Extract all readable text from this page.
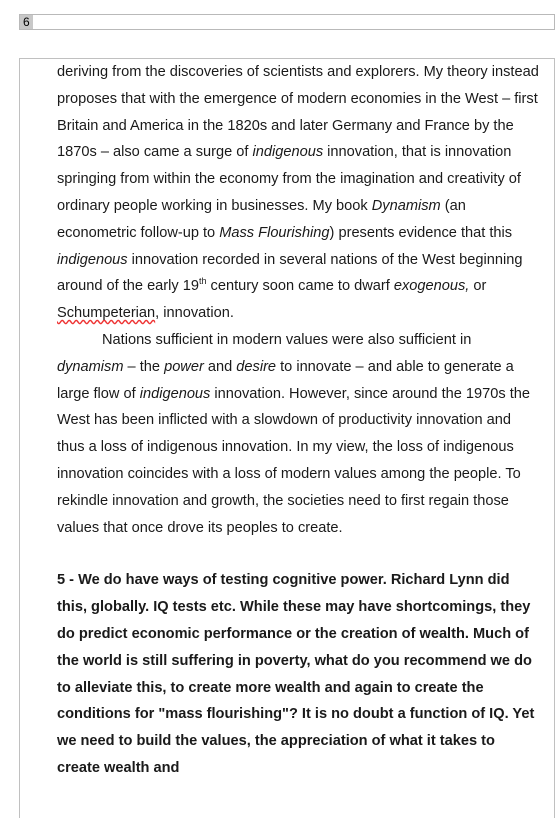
6

deriving from the discoveries of scientists and explorers. My theory instead proposes that with the emergence of modern economies in the West – first Britain and America in the 1820s and later Germany and France by the 1870s – also came a surge of indigenous innovation, that is innovation springing from within the economy from the imagination and creativity of ordinary people working in businesses. My book Dynamism (an econometric follow-up to Mass Flourishing) presents evidence that this indigenous innovation recorded in several nations of the West beginning around of the early 19th century soon came to dwarf exogenous, or Schumpeterian, innovation.

Nations sufficient in modern values were also sufficient in dynamism – the power and desire to innovate – and able to generate a large flow of indigenous innovation. However, since around the 1970s the West has been inflicted with a slowdown of productivity innovation and thus a loss of indigenous innovation. In my view, the loss of indigenous innovation coincides with a loss of modern values among the people. To rekindle innovation and growth, the societies need to first regain those values that once drove its peoples to create.

5 - We do have ways of testing cognitive power. Richard Lynn did this, globally. IQ tests etc. While these may have shortcomings, they do predict economic performance or the creation of wealth. Much of the world is still suffering in poverty, what do you recommend we do to alleviate this, to create more wealth and again to create the conditions for "mass flourishing"? It is no doubt a function of IQ. Yet we need to build the values, the appreciation of what it takes to create wealth and
